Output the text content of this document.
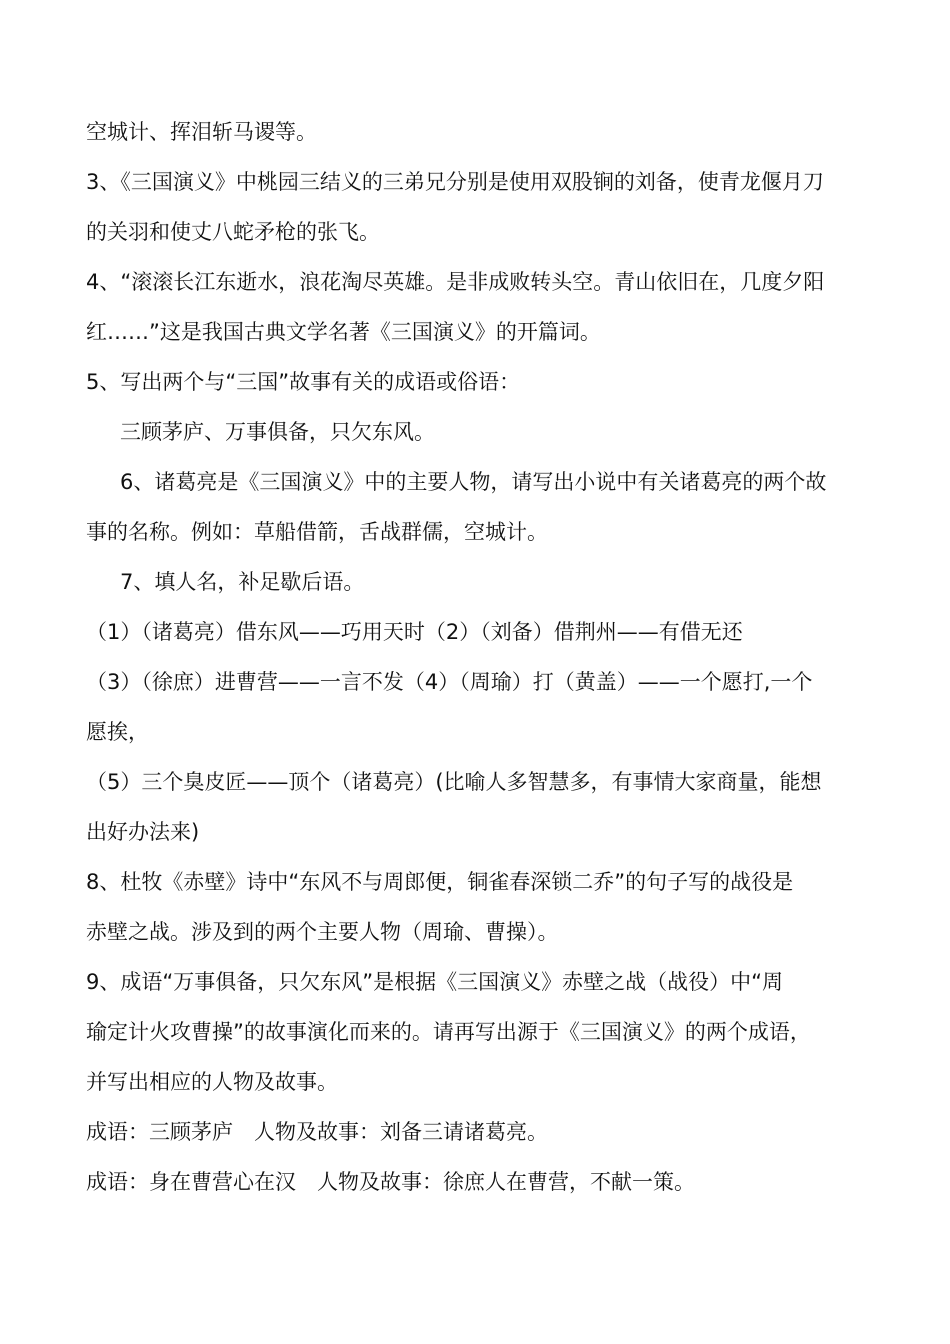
空城计、挥泪斩马谡等。
3、《三国演义》中桃园三结义的三弟兄分别是使用双股锏的刘备，使青龙偃月刀
的关羽和使丈八蛇矛枪的张飞。
4、“滚滚长江东逝水，浪花淘尽英雄。是非成败转头空。青山依旧在，几度夕阳
红……”这是我国古典文学名著《三国演义》的开篇词。
5、写出两个与“三国”故事有关的成语或俗语：
三顾茅庐、万事俱备，只欠东风。
6、诸葛亮是《三国演义》中的主要人物，请写出小说中有关诸葛亮的两个故
事的名称。例如：草船借箭，舌战群儒，空城计。
7、填人名，补足歇后语。
（1）（诸葛亮）借东风——巧用天时（2）（刘备）借荆州——有借无还
（3）（徐庶）进曹营——一言不发（4）（周瑜）打（黄盖）——一个愿打,一个
愿挨，
（5）三个臭皮匠——顶个（诸葛亮）(比喻人多智慧多，有事情大家商量，能想
出好办法来)
8、杜牧《赤壁》诗中“东风不与周郎便，铜雀春深锁二乔”的句子写的战役是
赤壁之战。涉及到的两个主要人物（周瑜、曹操）。
9、成语“万事俱备，只欠东风”是根据《三国演义》赤壁之战（战役）中“周
瑜定计火攻曹操”的故事演化而来的。请再写出源于《三国演义》的两个成语，
并写出相应的人物及故事。
成语：三顾茅庐　人物及故事：刘备三请诸葛亮。
成语：身在曹营心在汉　人物及故事：徐庶人在曹营，不献一策。
